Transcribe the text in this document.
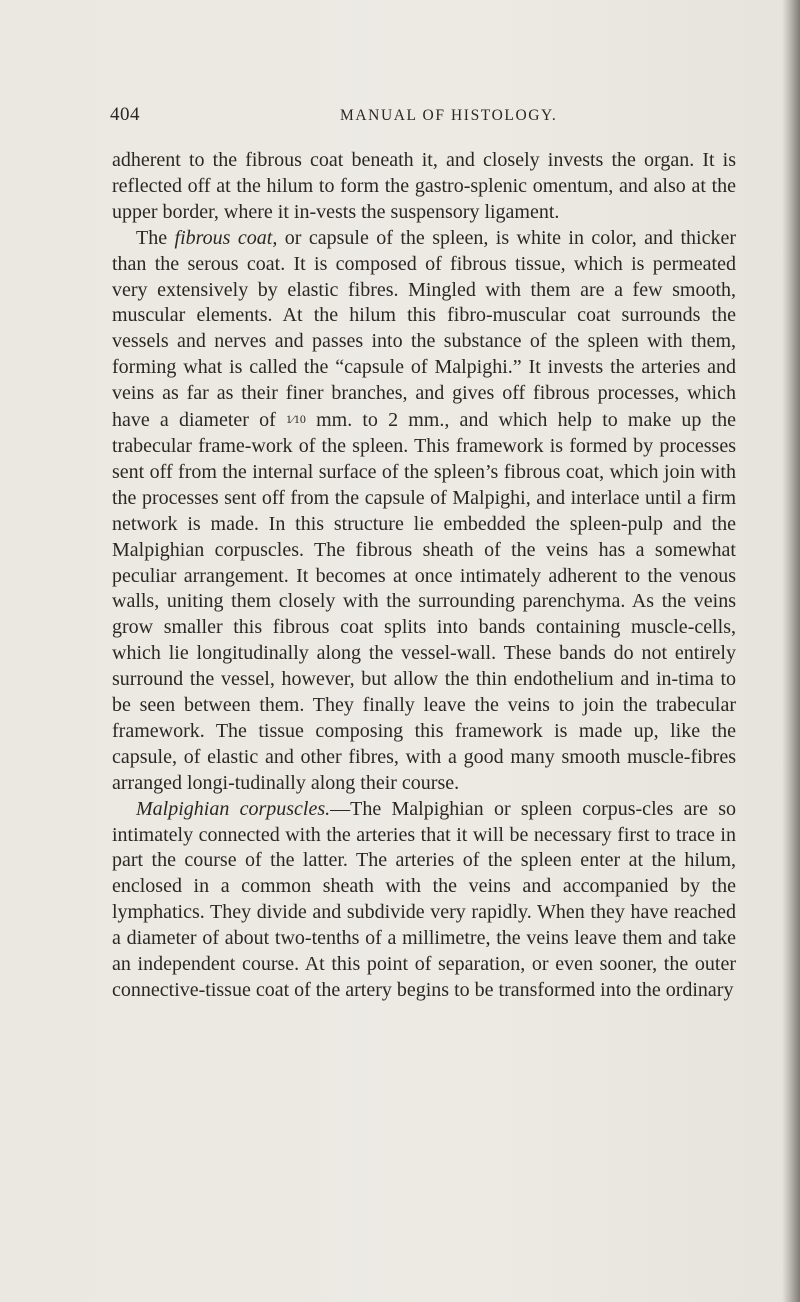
404	MANUAL OF HISTOLOGY.

adherent to the fibrous coat beneath it, and closely invests the organ. It is reflected off at the hilum to form the gastro-splenic omentum, and also at the upper border, where it in-vests the suspensory ligament.

The fibrous coat, or capsule of the spleen, is white in color, and thicker than the serous coat. It is composed of fibrous tissue, which is permeated very extensively by elastic fibres. Mingled with them are a few smooth, muscular elements. At the hilum this fibro-muscular coat surrounds the vessels and nerves and passes into the substance of the spleen with them, forming what is called the “capsule of Malpighi.” It invests the arteries and veins as far as their finer branches, and gives off fibrous processes, which have a diameter of 1⁄10 mm. to 2 mm., and which help to make up the trabecular frame-work of the spleen. This framework is formed by processes sent off from the internal surface of the spleen’s fibrous coat, which join with the processes sent off from the capsule of Malpighi, and interlace until a firm network is made. In this structure lie embedded the spleen-pulp and the Malpighian corpuscles. The fibrous sheath of the veins has a somewhat peculiar arrangement. It becomes at once intimately adherent to the venous walls, uniting them closely with the surrounding parenchyma. As the veins grow smaller this fibrous coat splits into bands containing muscle-cells, which lie longitudinally along the vessel-wall. These bands do not entirely surround the vessel, however, but allow the thin endothelium and in-tima to be seen between them. They finally leave the veins to join the trabecular framework. The tissue composing this framework is made up, like the capsule, of elastic and other fibres, with a good many smooth muscle-fibres arranged longi-tudinally along their course.

Malpighian corpuscles.—The Malpighian or spleen corpus-cles are so intimately connected with the arteries that it will be necessary first to trace in part the course of the latter. The arteries of the spleen enter at the hilum, enclosed in a common sheath with the veins and accompanied by the lymphatics. They divide and subdivide very rapidly. When they have reached a diameter of about two-tenths of a millimetre, the veins leave them and take an independent course. At this point of separation, or even sooner, the outer connective-tissue coat of the artery begins to be transformed into the ordinary
